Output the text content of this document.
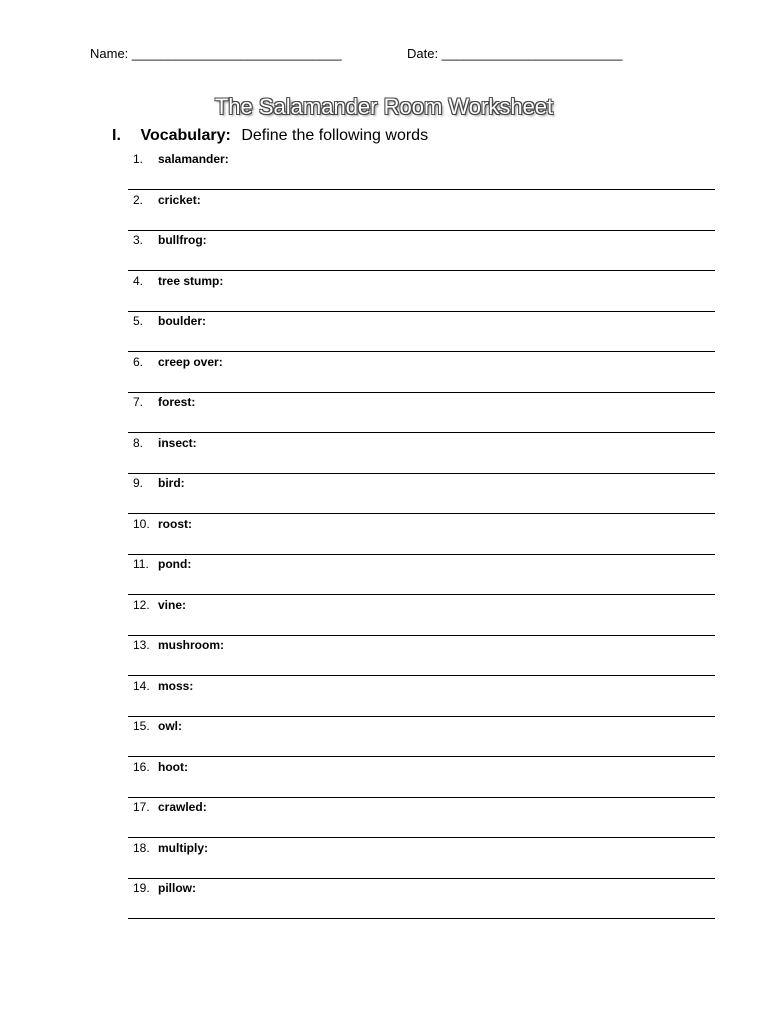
Name: _____________________________	Date: _________________________
The Salamander Room Worksheet
I. Vocabulary: Define the following words
1.	salamander:
2.	cricket:
3.	bullfrog:
4.	tree stump:
5.	boulder:
6.	creep over:
7.	forest:
8.	insect:
9.	bird:
10. roost:
11. pond:
12. vine:
13. mushroom:
14. moss:
15. owl:
16. hoot:
17. crawled:
18. multiply:
19. pillow:
